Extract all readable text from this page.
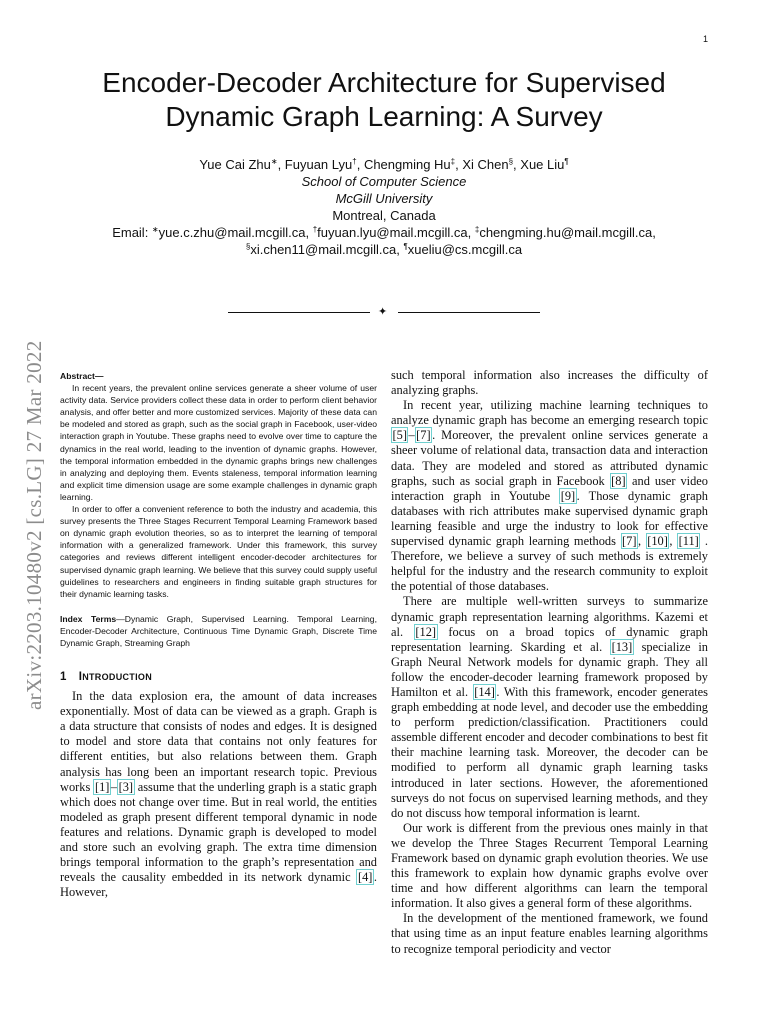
1
arXiv:2203.10480v2 [cs.LG] 27 Mar 2022
Encoder-Decoder Architecture for Supervised
Dynamic Graph Learning: A Survey
Yue Cai Zhu∗, Fuyuan Lyu†, Chengming Hu‡, Xi Chen§, Xue Liu¶
School of Computer Science
McGill University
Montreal, Canada
Email: ∗yue.c.zhu@mail.mcgill.ca, †fuyuan.lyu@mail.mcgill.ca, ‡chengming.hu@mail.mcgill.ca,
§xi.chen11@mail.mcgill.ca, ¶xueliu@cs.mcgill.ca
✦

Abstract—

In recent years, the prevalent online services generate a sheer volume of user activity data. Service providers collect these data in order to perform client behavior analysis, and offer better and more customized services. Majority of these data can be modeled and stored as graph, such as the social graph in Facebook, user-video interaction graph in Youtube. These graphs need to evolve over time to capture the dynamics in the real world, leading to the invention of dynamic graphs. However, the temporal information embedded in the dynamic graphs brings new challenges in analyzing and deploying them. Events staleness, temporal information learning and explicit time dimension usage are some example challenges in dynamic graph learning.

In order to offer a convenient reference to both the industry and academia, this survey presents the Three Stages Recurrent Temporal Learning Framework based on dynamic graph evolution theories, so as to interpret the learning of temporal information with a generalized framework. Under this framework, this survey categories and reviews different intelligent encoder-decoder architectures for supervised dynamic graph learning. We believe that this survey could supply useful guidelines to researchers and engineers in finding suitable graph structures for their dynamic learning tasks.

Index Terms—Dynamic Graph, Supervised Learning. Temporal Learning, Encoder-Decoder Architecture, Continuous Time Dynamic Graph, Discrete Time Dynamic Graph, Streaming Graph
1 INTRODUCTION

In the data explosion era, the amount of data increases exponentially. Most of data can be viewed as a graph. Graph is a data structure that consists of nodes and edges. It is designed to model and store data that contains not only features for different entities, but also relations between them. Graph analysis has long been an important research topic. Previous works [1] – [3] assume that the underling graph is a static graph which does not change over time. But in real world, the entities modeled as graph present different temporal dynamic in node features and relations. Dynamic graph is developed to model and store such an evolving graph. The extra time dimension brings temporal information to the graph’s representation and reveals the causality embedded in its network dynamic [4] . However,

such temporal information also increases the difficulty of analyzing graphs.

In recent year, utilizing machine learning techniques to analyze dynamic graph has become an emerging research topic [5] – [7] . Moreover, the prevalent online services generate a sheer volume of relational data, transaction data and interaction data. They are modeled and stored as attributed dynamic graphs, such as social graph in Facebook [8] and user video interaction graph in Youtube [9] . Those dynamic graph databases with rich attributes make supervised dynamic graph learning feasible and urge the industry to look for effective supervised dynamic graph learning methods [7] , [10] , [11] . Therefore, we believe a survey of such methods is extremely helpful for the industry and the research community to exploit the potential of those databases.

There are multiple well-written surveys to summarize dynamic graph representation learning algorithms. Kazemi et al. [12] focus on a broad topics of dynamic graph representation learning. Skarding et al. [13] specialize in Graph Neural Network models for dynamic graph. They all follow the encoder-decoder learning framework proposed by Hamilton et al. [14] . With this framework, encoder generates graph embedding at node level, and decoder use the embedding to perform prediction/classification. Practitioners could assemble different encoder and decoder combinations to best fit their machine learning task. Moreover, the decoder can be modified to perform all dynamic graph learning tasks introduced in later sections. However, the aforementioned surveys do not focus on supervised learning methods, and they do not discuss how temporal information is learnt.

Our work is different from the previous ones mainly in that we develop the Three Stages Recurrent Temporal Learning Framework based on dynamic graph evolution theories. We use this framework to explain how dynamic graphs evolve over time and how different algorithms can learn the temporal information. It also gives a general form of these algorithms.

In the development of the mentioned framework, we found that using time as an input feature enables learning algorithms to recognize temporal periodicity and vector
